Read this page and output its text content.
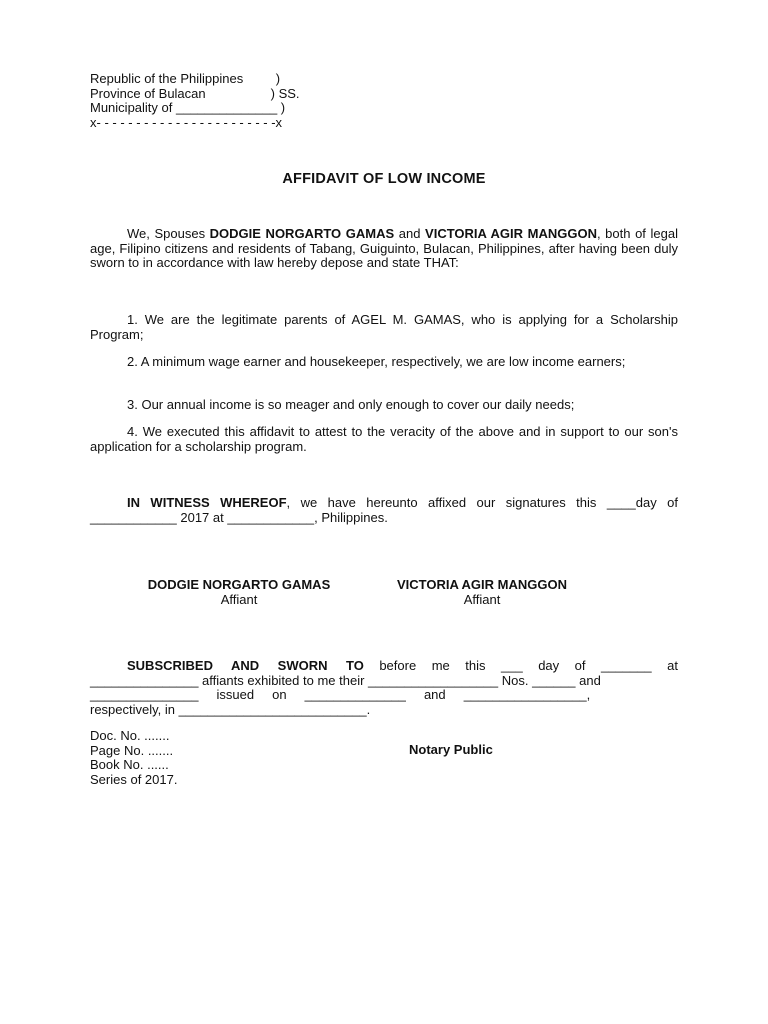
Republic of the Philippines         )
Province of Bulacan                  ) SS.
Municipality of ______________ )
x- - - - - - - - - - - - - - - - - - - - - - -x
AFFIDAVIT OF LOW INCOME
We, Spouses DODGIE NORGARTO GAMAS and VICTORIA AGIR MANGGON, both of legal age, Filipino citizens and residents of Tabang, Guiguinto, Bulacan, Philippines, after having been duly sworn to in accordance with law hereby depose and state THAT:
1. We are the legitimate parents of AGEL M. GAMAS, who is applying for a Scholarship Program;
2. A minimum wage earner and housekeeper, respectively, we are low income earners;
3. Our annual income is so meager and only enough to cover our daily needs;
4. We executed this affidavit to attest to the veracity of the above and in support to our son's application for a scholarship program.
IN WITNESS WHEREOF, we have hereunto affixed our signatures this ____day of ____________ 2017 at ____________, Philippines.
DODGIE NORGARTO GAMAS
Affiant
VICTORIA AGIR MANGGON
Affiant
SUBSCRIBED AND SWORN TO before me this ___ day of _______ at
_______________ affiants exhibited to me their __________________ Nos. ______ and
_______________     issued     on     ______________     and     _________________,
respectively, in __________________________.
Doc. No. .......
Page No. .......
Book No. ......
Series of 2017.
Notary Public
